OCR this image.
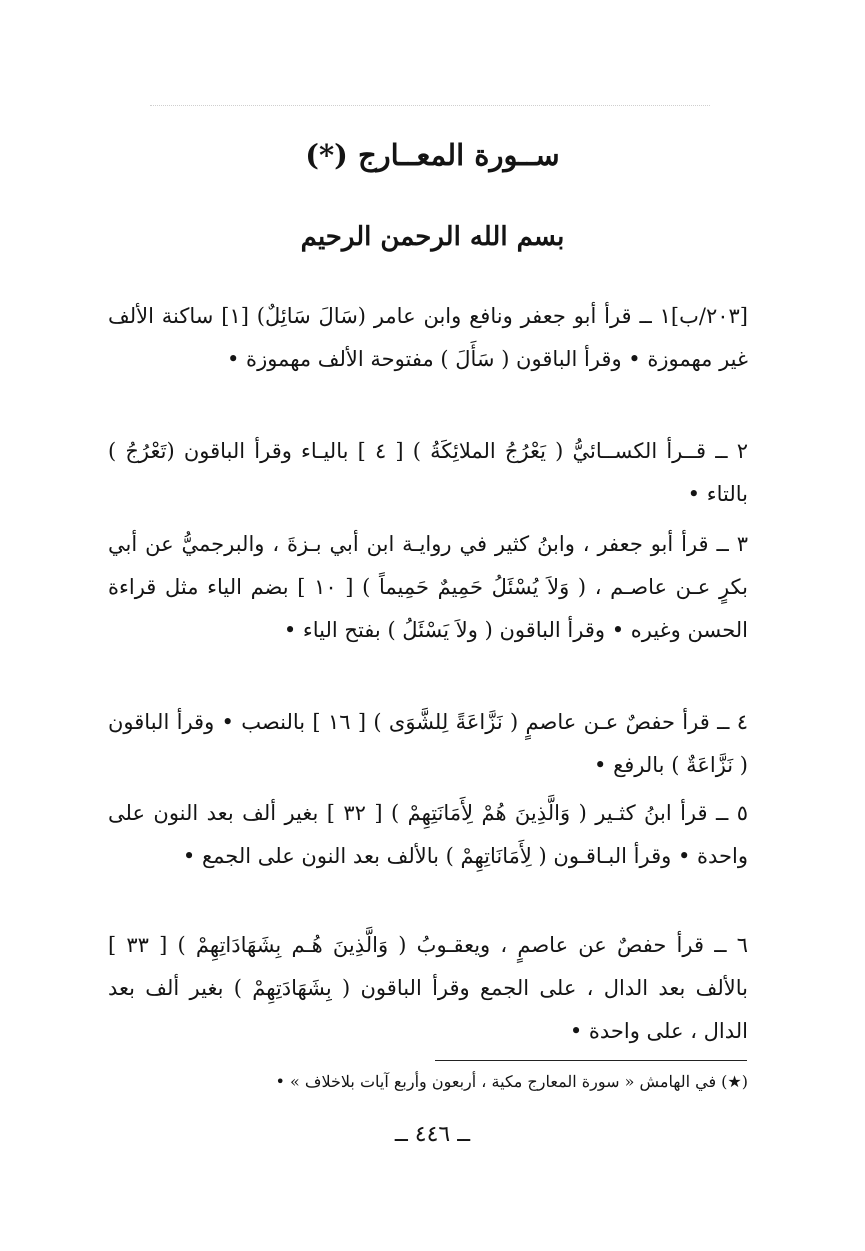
ســورة المعــارج (*)
بسم الله الرحمن الرحيم
[٢٠٣/ب]١ ــ قرأ أبو جعفر ونافع وابن عامر (سَالَ سَائِلٌ) [١] ساكنة الألف غير مهموزة • وقرأ الباقون ( سَأَلَ ) مفتوحة الألف مهموزة •
٢ ــ قــرأ الكســائيُّ ( يَعْرُجُ الملائِكَةُ ) [ ٤ ] باليـاء وقرأ الباقون (تَعْرُجُ ) بالتاء •
٣ ــ قرأ أبو جعفر ، وابنُ كثير في روايـة ابن أبي بـزةَ ، والبرجميُّ عن أبي بكرٍ عـن عاصـم ، ( وَلاَ يُسْئَلُ حَمِيمٌ حَمِيماً ) [ ١٠ ] بضم الياء مثل قراءة الحسن وغيره • وقرأ الباقون ( ولاَ يَسْئَلُ ) بفتح الياء •
٤ ــ قرأ حفصٌ عـن عاصمٍ ( نَزَّاعَةً لِلشَّوَى ) [ ١٦ ] بالنصب • وقرأ الباقون ( نَزَّاعَةٌ ) بالرفع •
٥ ــ قرأ ابنُ كثـير ( وَالَّذِينَ هُمْ لِأَمَانَتِهِمْ ) [ ٣٢ ] بغير ألف بعد النون على واحدة • وقرأ البـاقـون ( لِأَمَانَاتِهِمْ ) بالألف بعد النون على الجمع •
٦ ــ قرأ حفصٌ عن عاصمٍ ، ويعقـوبُ ( وَالَّذِينَ هُـم بِشَهَادَاتِهِمْ ) [ ٣٣ ] بالألف بعد الدال ، على الجمع وقرأ الباقون ( بِشَهَادَتِهِمْ ) بغير ألف بعد الدال ، على واحدة •
(★) في الهامش « سورة المعارج مكية ، أربعون وأربع آيات بلاخلاف » •
ــ ٤٤٦ ــ
